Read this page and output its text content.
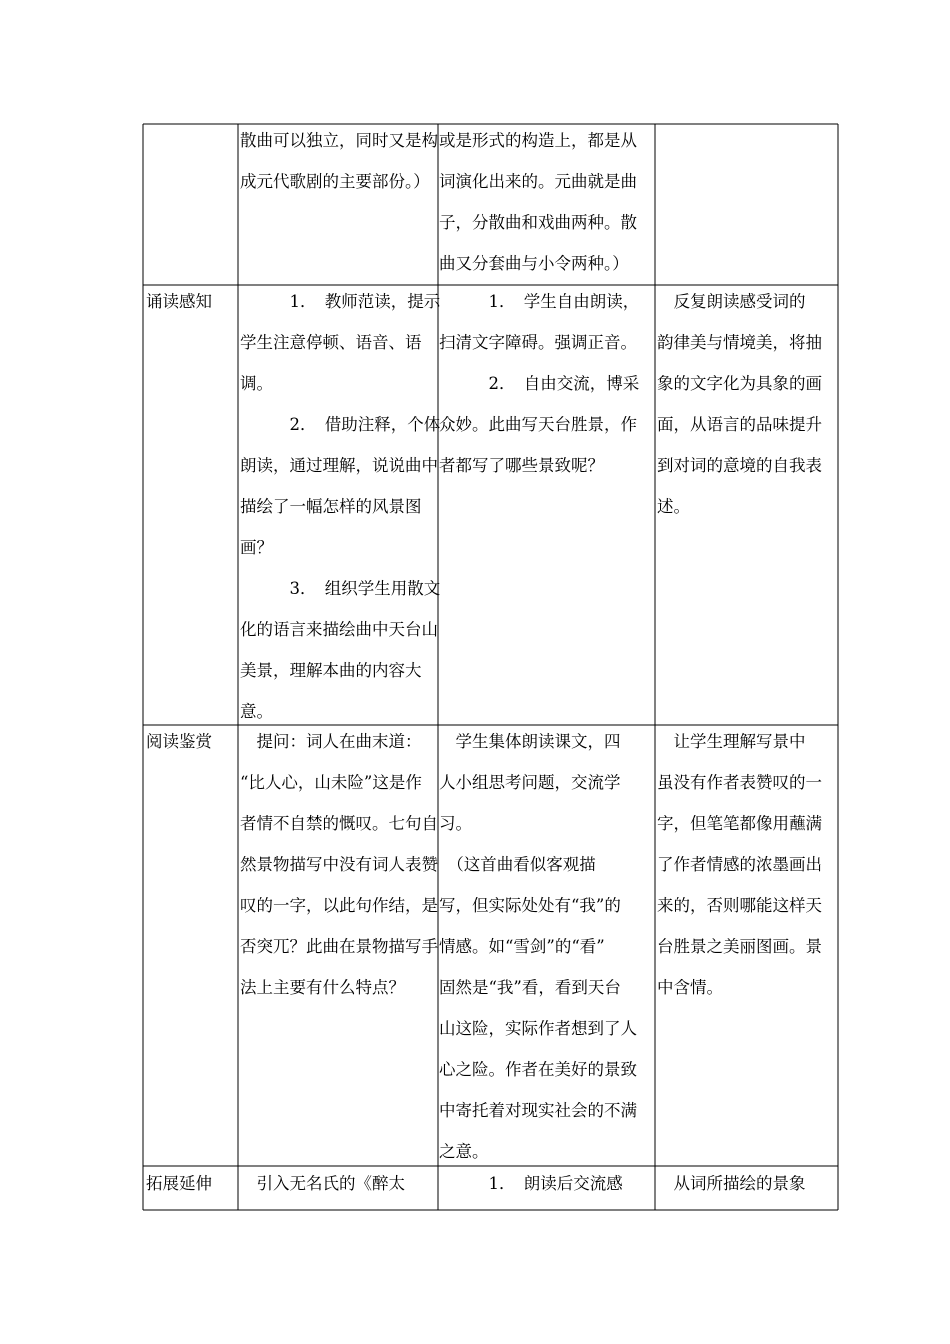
散曲可以独立，同时又是构
成元代歌剧的主要部份。）
或是形式的构造上，都是从
词演化出来的。元曲就是曲
子，分散曲和戏曲两种。散
曲又分套曲与小令两种。）
诵读感知	　1．　教师范读，提示
学生注意停顿、语音、语
调。
　2．　借助注释，个体
朗读，通过理解，说说曲中
描绘了一幅怎样的风景图
画？
　3．　组织学生用散文
化的语言来描绘曲中天台山
美景，理解本曲的内容大
意。
　1．　学生自由朗读，
扫清文字障碍。强调正音。
　2．　自由交流，博采
众妙。此曲写天台胜景，作
者都写了哪些景致呢？
　反复朗读感受词的
韵律美与情境美，将抽
象的文字化为具象的画
面，从语言的品味提升
到对词的意境的自我表
述。
阅读鉴赏 　提问：词人在曲末道：
“比人心，山未险”这是作
者情不自禁的慨叹。七句自
然景物描写中没有词人表赞
叹的一字，以此句作结，是
否突兀？此曲在景物描写手
法上主要有什么特点？
　学生集体朗读课文，四
人小组思考问题，交流学
习。
　（这首曲看似客观描
写，但实际处处有“我”的
情感。如“雪剑”的“看”
固然是“我”看，看到天台
山这险，实际作者想到了人
心之险。作者在美好的景致
中寄托着对现实社会的不满
之意。
　让学生理解写景中
虽没有作者表赞叹的一
字，但笔笔都像用蘸满
了作者情感的浓墨画出
来的，否则哪能这样天
台胜景之美丽图画。景
中含情。
拓展延伸 　引入无名氏的《醉太	　1．　朗读后交流感 　从词所描绘的景象
